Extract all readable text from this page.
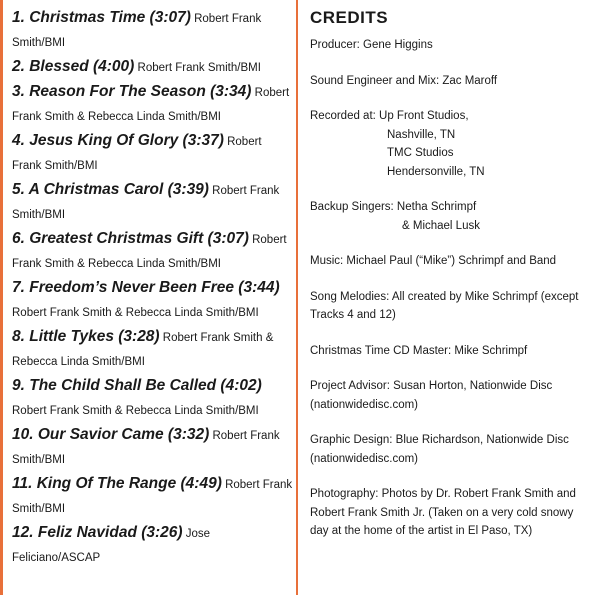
1. Christmas Time (3:07) Robert Frank Smith/BMI
2. Blessed (4:00) Robert Frank Smith/BMI
3. Reason For The Season (3:34) Robert Frank Smith & Rebecca Linda Smith/BMI
4. Jesus King Of Glory (3:37) Robert Frank Smith/BMI
5. A Christmas Carol (3:39) Robert Frank Smith/BMI
6. Greatest Christmas Gift (3:07) Robert Frank Smith & Rebecca Linda Smith/BMI
7. Freedom’s Never Been Free (3:44) Robert Frank Smith & Rebecca Linda Smith/BMI
8. Little Tykes (3:28) Robert Frank Smith & Rebecca Linda Smith/BMI
9. The Child Shall Be Called (4:02) Robert Frank Smith & Rebecca Linda Smith/BMI
10. Our Savior Came (3:32) Robert Frank Smith/BMI
11. King Of The Range (4:49) Robert Frank Smith/BMI
12. Feliz Navidad (3:26) Jose Feliciano/ASCAP
CREDITS
Producer: Gene Higgins
Sound Engineer and Mix: Zac Maroff
Recorded at: Up Front Studios,
Nashville, TN
TMC Studios
Hendersonville, TN
Backup Singers: Netha Schrimpf
& Michael Lusk
Music: Michael Paul (“Mike”) Schrimpf and Band
Song Melodies: All created by Mike Schrimpf (except Tracks 4 and 12)
Christmas Time CD Master: Mike Schrimpf
Project Advisor: Susan Horton, Nationwide Disc (nationwidedisc.com)
Graphic Design: Blue Richardson, Nationwide Disc (nationwidedisc.com)
Photography: Photos by Dr. Robert Frank Smith and Robert Frank Smith Jr. (Taken on a very cold snowy day at the home of the artist in El Paso, TX)
